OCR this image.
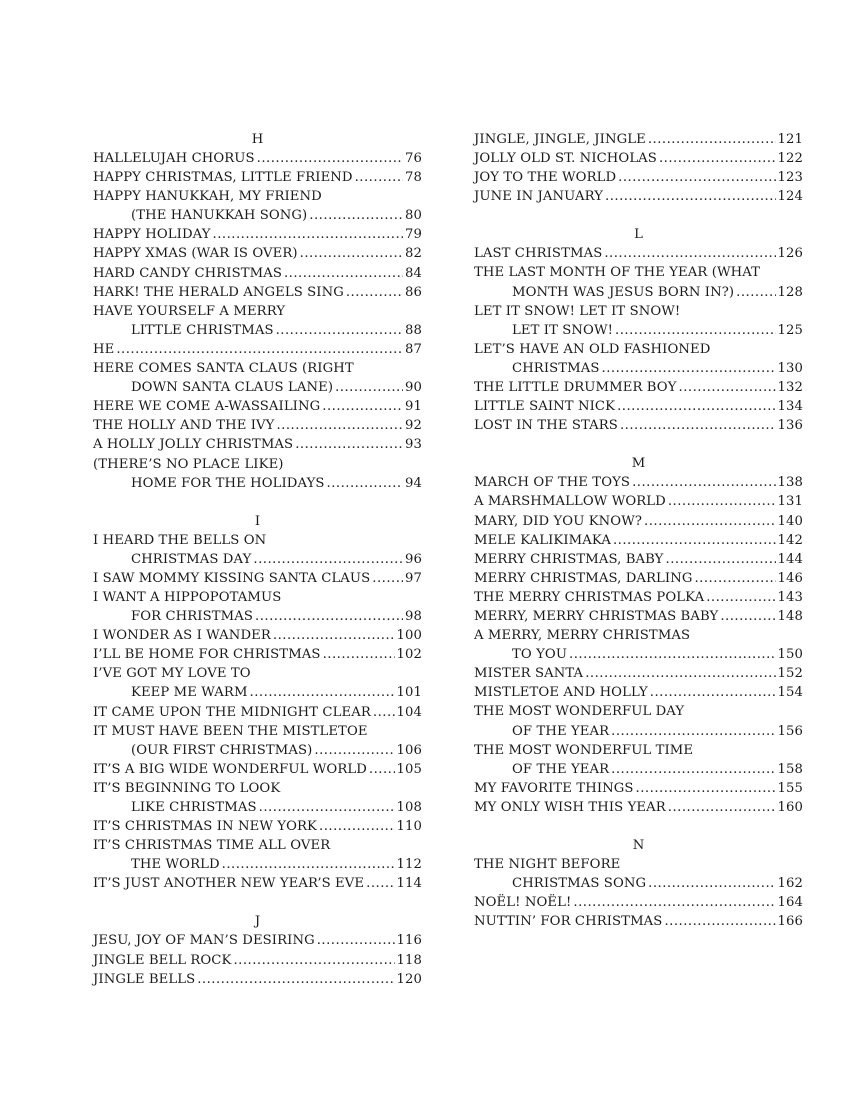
H
HALLELUJAH CHORUS .....	76
HAPPY CHRISTMAS, LITTLE FRIEND .....	78
HAPPY HANUKKAH, MY FRIEND
(THE HANUKKAH SONG) .....	80
HAPPY HOLIDAY .....	79
HAPPY XMAS (WAR IS OVER) .....	82
HARD CANDY CHRISTMAS .....	84
HARK! THE HERALD ANGELS SING .....	86
HAVE YOURSELF A MERRY
LITTLE CHRISTMAS .....	88
HE .....	87
HERE COMES SANTA CLAUS (RIGHT
DOWN SANTA CLAUS LANE) .....	90
HERE WE COME A-WASSAILING .....	91
THE HOLLY AND THE IVY .....	92
A HOLLY JOLLY CHRISTMAS .....	93
(THERE’S NO PLACE LIKE)
HOME FOR THE HOLIDAYS .....	94
I
I HEARD THE BELLS ON
CHRISTMAS DAY .....	96
I SAW MOMMY KISSING SANTA CLAUS .....	97
I WANT A HIPPOPOTAMUS
FOR CHRISTMAS .....	98
I WONDER AS I WANDER .....	100
I’LL BE HOME FOR CHRISTMAS .....	102
I’VE GOT MY LOVE TO
KEEP ME WARM .....	101
IT CAME UPON THE MIDNIGHT CLEAR ..... 104
IT MUST HAVE BEEN THE MISTLETOE
(OUR FIRST CHRISTMAS) .....	106
IT’S A BIG WIDE WONDERFUL WORLD ..... 105
IT’S BEGINNING TO LOOK
LIKE CHRISTMAS .....	108
IT’S CHRISTMAS IN NEW YORK .....	110
IT’S CHRISTMAS TIME ALL OVER
THE WORLD .....	112
IT’S JUST ANOTHER NEW YEAR’S EVE ..... 114
J
JESU, JOY OF MAN’S DESIRING .....	116
JINGLE BELL ROCK .....	118
JINGLE BELLS .....	120
JINGLE, JINGLE, JINGLE .....	121
JOLLY OLD ST. NICHOLAS .....	122
JOY TO THE WORLD .....	123
JUNE IN JANUARY .....	124
L
LAST CHRISTMAS .....	126
THE LAST MONTH OF THE YEAR (WHAT
MONTH WAS JESUS BORN IN?) .....	128
LET IT SNOW! LET IT SNOW!
LET IT SNOW! .....	125
LET’S HAVE AN OLD FASHIONED
CHRISTMAS .....	130
THE LITTLE DRUMMER BOY .....	132
LITTLE SAINT NICK .....	134
LOST IN THE STARS .....	136
M
MARCH OF THE TOYS .....	138
A MARSHMALLOW WORLD .....	131
MARY, DID YOU KNOW? .....	140
MELE KALIKIMAKA .....	142
MERRY CHRISTMAS, BABY .....	144
MERRY CHRISTMAS, DARLING .....	146
THE MERRY CHRISTMAS POLKA .....	143
MERRY, MERRY CHRISTMAS BABY .....	148
A MERRY, MERRY CHRISTMAS
TO YOU .....	150
MISTER SANTA .....	152
MISTLETOE AND HOLLY .....	154
THE MOST WONDERFUL DAY
OF THE YEAR .....	156
THE MOST WONDERFUL TIME
OF THE YEAR .....	158
MY FAVORITE THINGS .....	155
MY ONLY WISH THIS YEAR .....	160
N
THE NIGHT BEFORE
CHRISTMAS SONG .....	162
NOËL! NOËL! .....	164
NUTTIN’ FOR CHRISTMAS .....	166
